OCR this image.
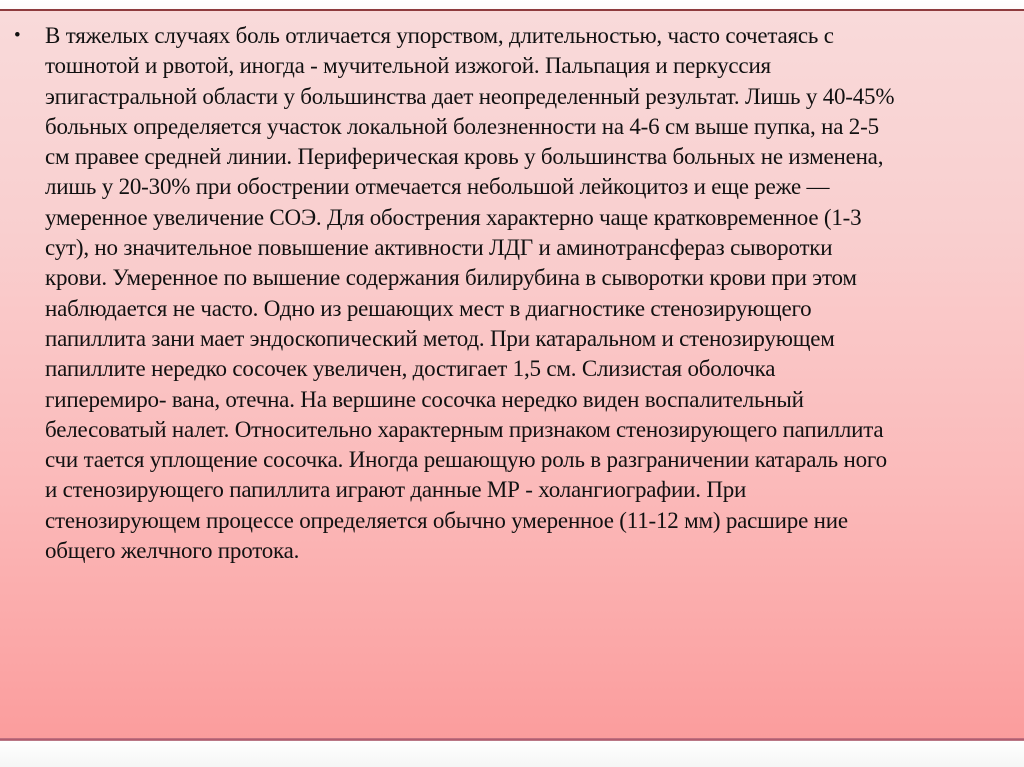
•	В тяжелых случаях боль отличается упорством, длительностью, часто сочетаясь с
тошнотой и рвотой, иногда - мучительной изжогой. Пальпация и перкуссия
эпигастральной области у большинства дает неопределенный результат. Лишь у 40-45%
больных определяется участок локальной болезненности на 4-6 см выше пупка, на 2-5
см правее средней линии. Периферическая кровь у большинства больных не изменена,
лишь у 20-30% при обострении отмечается небольшой лейкоцитоз и еще реже —
умеренное увеличение СОЭ. Для обострения характерно чаще кратковременное (1-3
сут), но значительное повышение активности ЛДГ и аминотрансфераз сыворотки
крови. Умеренное по вышение содержания билирубина в сыворотки крови при этом
наблюдается не часто. Одно из решающих мест в диагностике стенозирующего
папиллита зани мает эндоскопический метод. При катаральном и стенозирующем
папиллите нередко сосочек увеличен, достигает 1,5 см. Слизистая оболочка
гиперемиро- вана, отечна. На вершине сосочка нередко виден воспалительный
белесоватый налет. Относительно характерным признаком стенозирующего папиллита
счи тается уплощение сосочка. Иногда решающую роль в разграничении катараль ного
и стенозирующего папиллита играют данные МР - холангиографии. При
стенозирующем процессе определяется обычно умеренное (11-12 мм) расшире ние
общего желчного протока.
